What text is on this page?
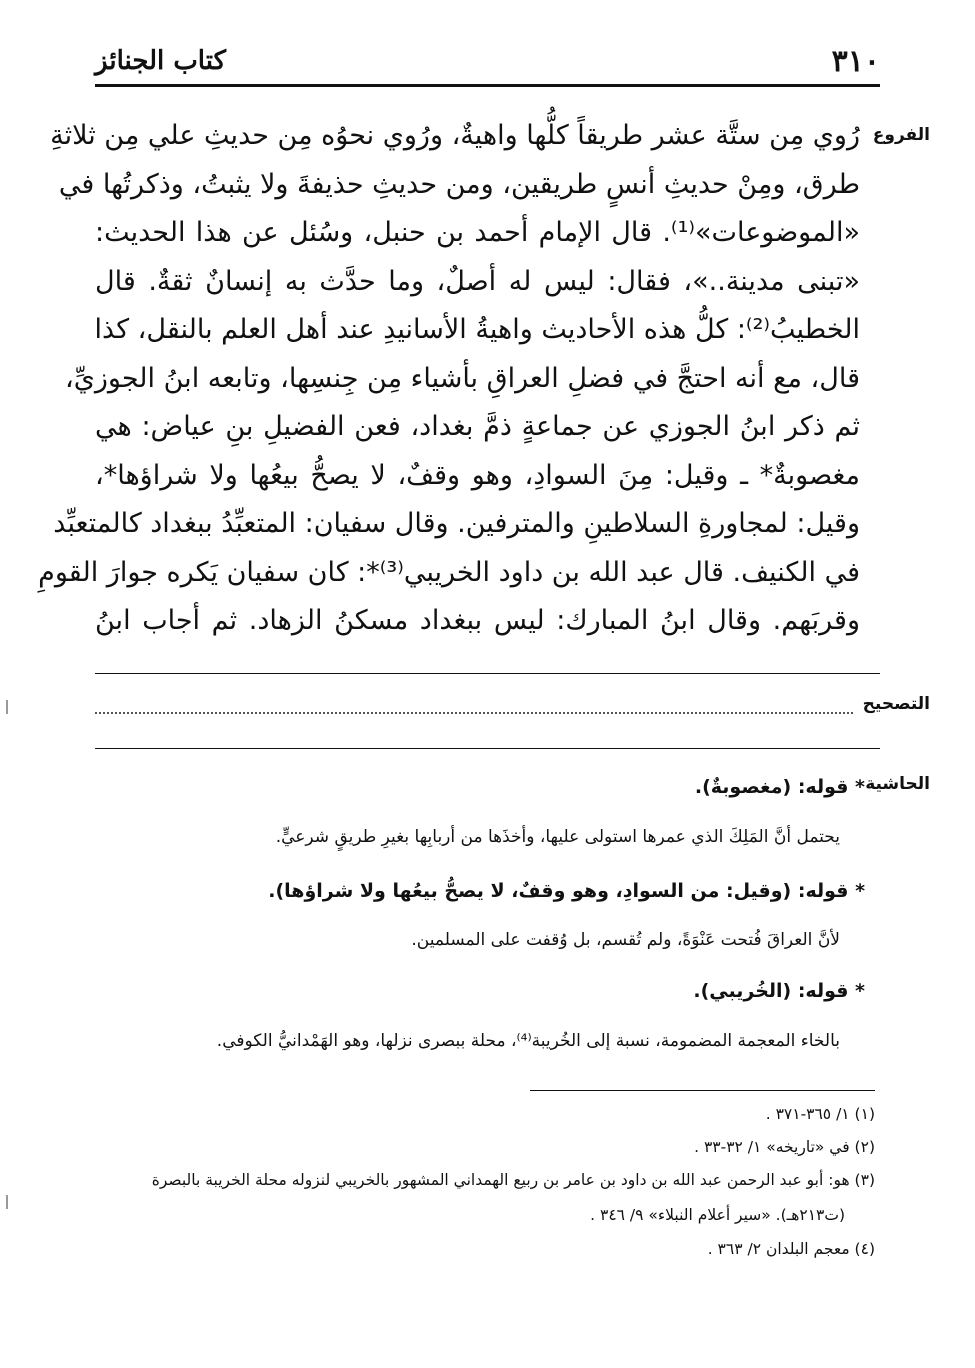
٣١٠
كتاب الجنائز
الفروع
رُوي مِن ستَّة عشر طريقاً كلُّها واهيةٌ، ورُوي نحوُه مِن حديثِ علي مِن ثلاثةِ
طرق، ومِنْ حديثِ أنسٍ طريقين، ومن حديثِ حذيفةَ ولا يثبتُ، وذكرتُها في
«الموضوعات»⁽¹⁾. قال الإمام أحمد بن حنبل، وسُئل عن هذا الحديث:
«تبنى مدينة..»، فقال: ليس له أصلٌ، وما حدَّث به إنسانٌ ثقةٌ. قال
الخطيبُ⁽²⁾: كلُّ هذه الأحاديث واهيةُ الأسانيدِ عند أهل العلم بالنقل، كذا
قال، مع أنه احتجَّ في فضلِ العراقِ بأشياء مِن جِنسِها، وتابعه ابنُ الجوزيِّ،
ثم ذكر ابنُ الجوزي عن جماعةٍ ذمَّ بغداد، فعن الفضيلِ بنِ عياض: هي
مغصوبةٌ* ـ وقيل: مِنَ السوادِ، وهو وقفٌ، لا يصحُّ بيعُها ولا شراؤها*،
وقيل: لمجاورةِ السلاطينِ والمترفين. وقال سفيان: المتعبِّدُ ببغداد كالمتعبِّد
في الكنيف. قال عبد الله بن داود الخريبي⁽³⁾*: كان سفيان يَكره جوارَ القومِ
وقربَهم. وقال ابنُ المبارك: ليس ببغداد مسكنُ الزهاد. ثم أجاب ابنُ
التصحيح
الحاشية
* قوله: (مغصوبةٌ).
يحتمل أنَّ المَلِكَ الذي عمرها استولى عليها، وأخذَها من أربابِها بغيرِ طريقٍ شرعيٍّ.
* قوله: (وقيل: من السوادِ، وهو وقفٌ، لا يصحُّ بيعُها ولا شراؤها).
لأنَّ العراقَ فُتحت عَنْوَةً، ولم تُقسم، بل وُقفت على المسلمين.
* قوله: (الخُريبي).
بالخاء المعجمة المضمومة، نسبة إلى الخُريبة⁽⁴⁾، محلة ببصرى نزلها، وهو الهَمْدانيُّ الكوفي.
(١) ١/ ٣٦٥-٣٧١ .
(٢) في «تاريخه» ١/ ٣٢-٣٣ .
(٣) هو: أبو عبد الرحمن عبد الله بن داود بن عامر بن ربيع الهمداني المشهور بالخريبي لنزوله محلة الخريبة بالبصرة
(ت٢١٣هـ). «سير أعلام النبلاء» ٩/ ٣٤٦ .
(٤) معجم البلدان ٢/ ٣٦٣ .
